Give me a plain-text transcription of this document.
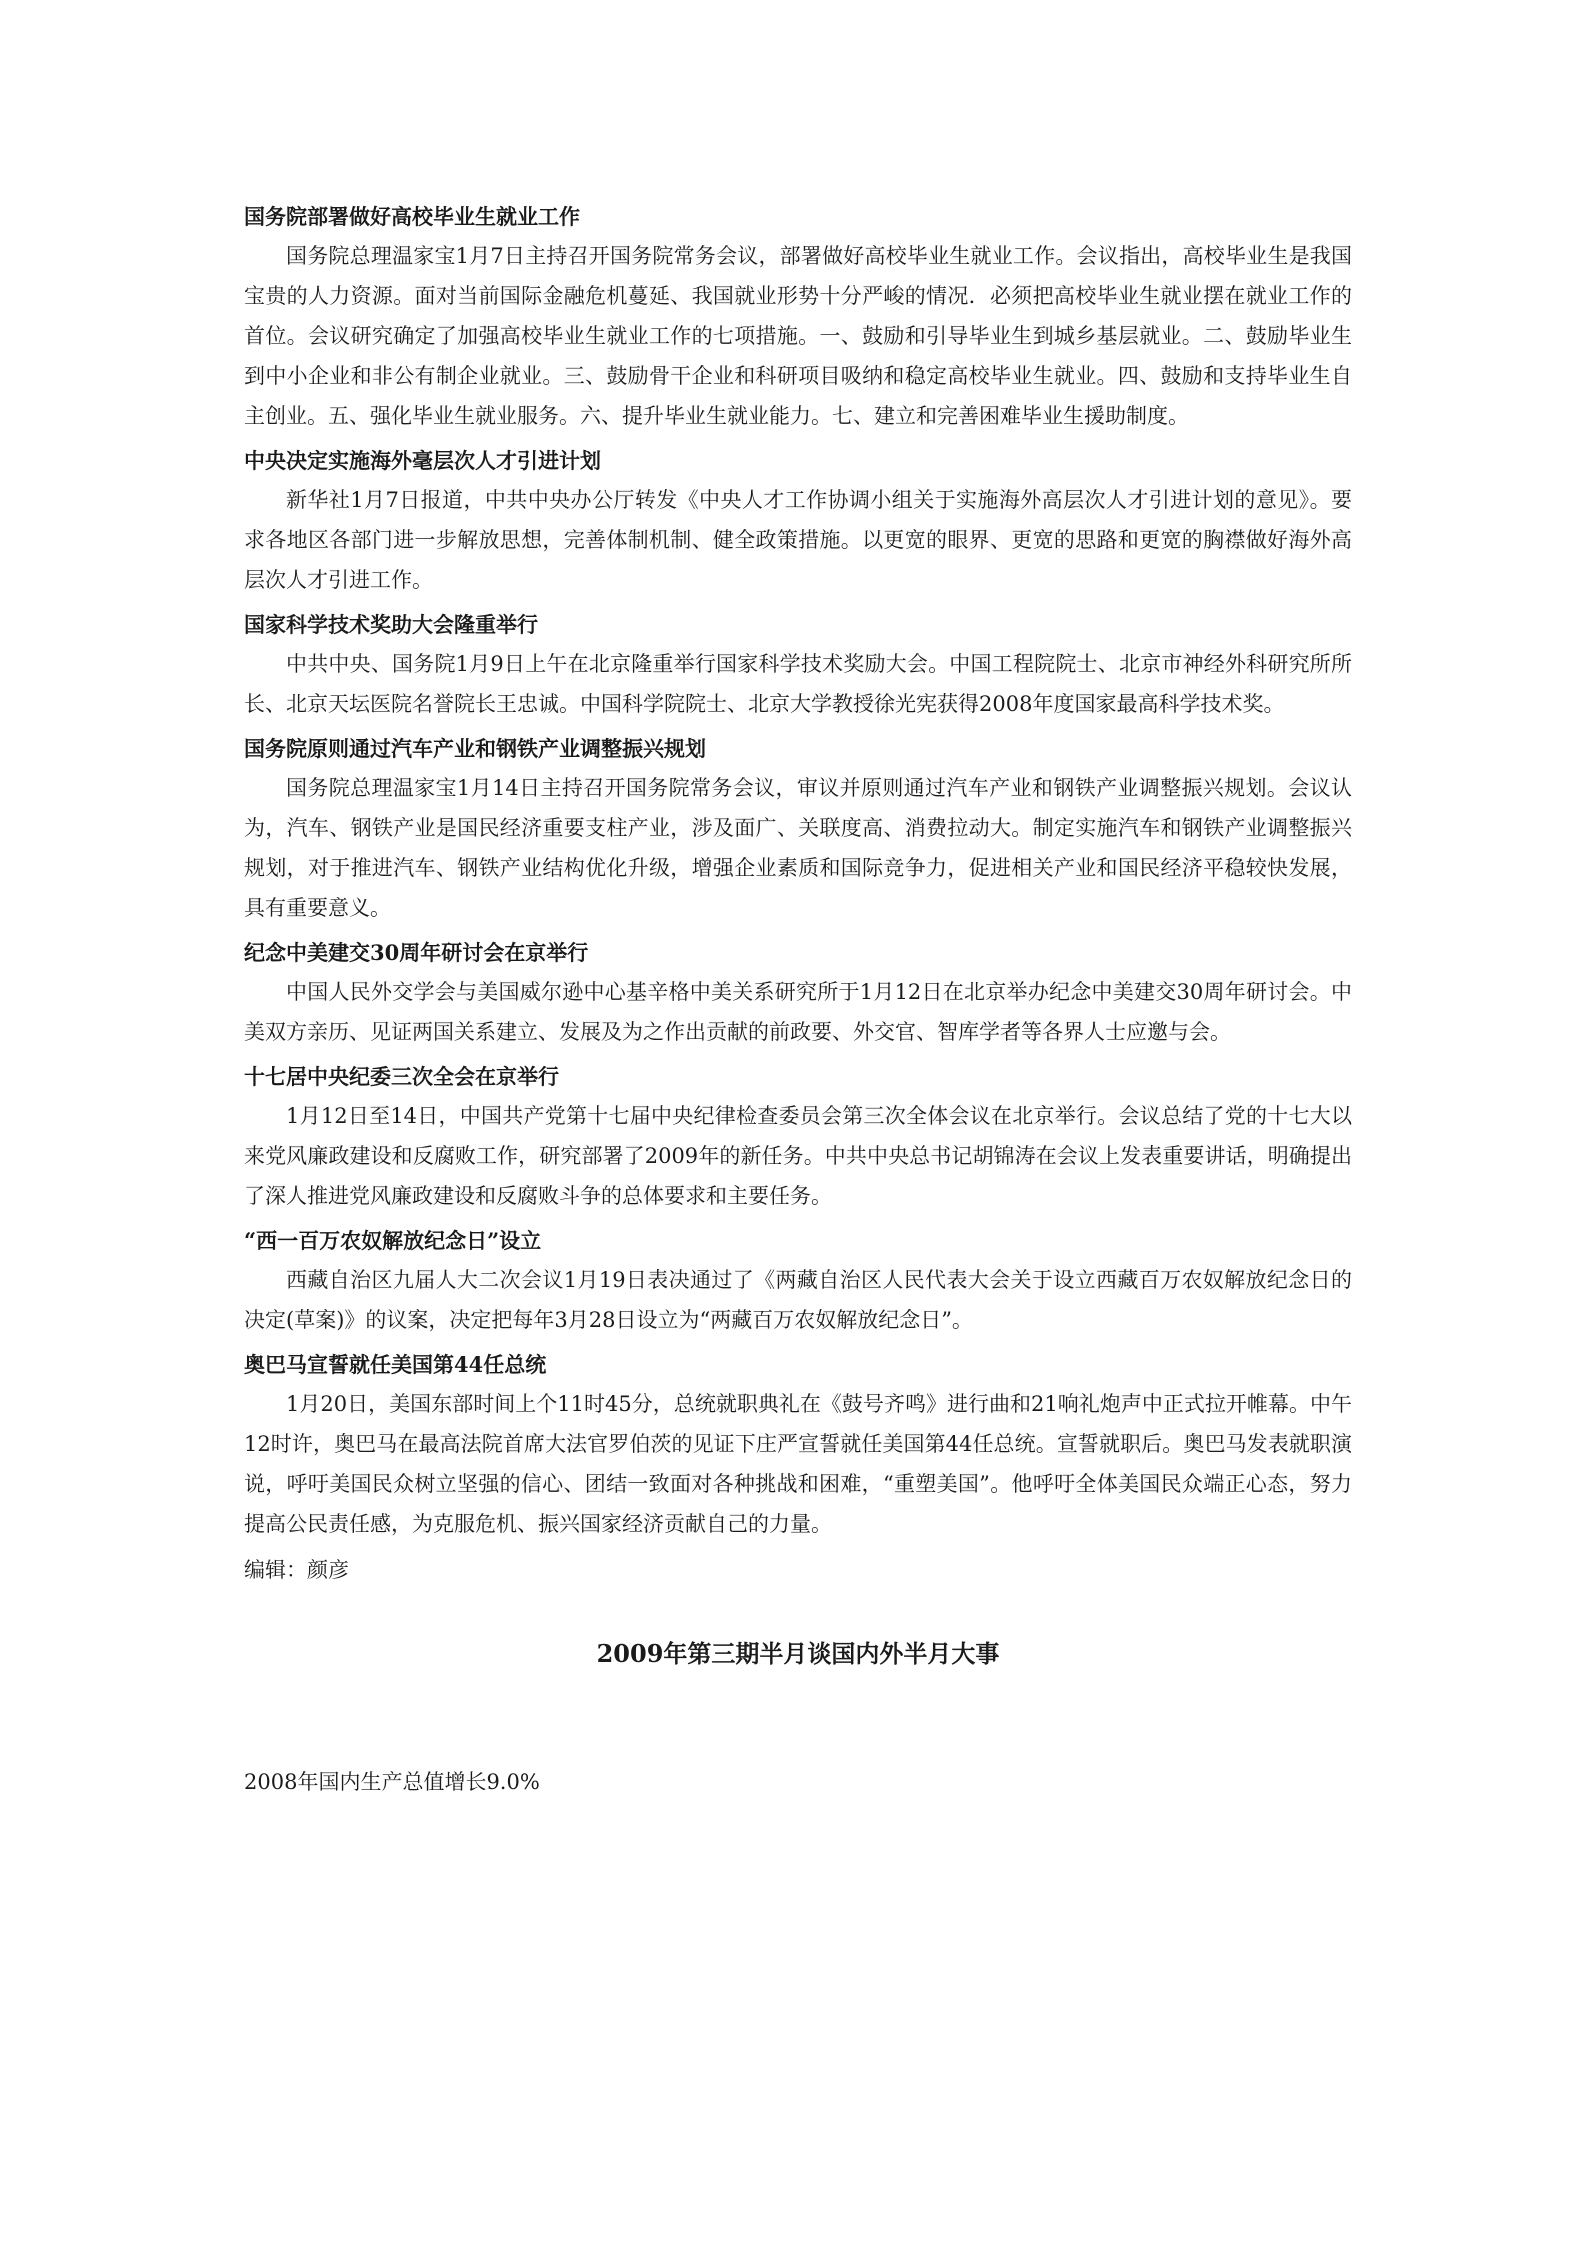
国务院部署做好高校毕业生就业工作

国务院总理温家宝1月7日主持召开国务院常务会议，部署做好高校毕业生就业工作。会议指出，高校毕业生是我国宝贵的人力资源。面对当前国际金融危机蔓延、我国就业形势十分严峻的情况．必须把高校毕业生就业摆在就业工作的首位。会议研究确定了加强高校毕业生就业工作的七项措施。一、鼓励和引导毕业生到城乡基层就业。二、鼓励毕业生到中小企业和非公有制企业就业。三、鼓励骨干企业和科研项目吸纳和稳定高校毕业生就业。四、鼓励和支持毕业生自主创业。五、强化毕业生就业服务。六、提升毕业生就业能力。七、建立和完善困难毕业生援助制度。

中央决定实施海外毫层次人才引进计划

新华社1月7日报道，中共中央办公厅转发《中央人才工作协调小组关于实施海外高层次人才引进计划的意见》。要求各地区各部门进一步解放思想，完善体制机制、健全政策措施。以更宽的眼界、更宽的思路和更宽的胸襟做好海外高层次人才引进工作。

国家科学技术奖助大会隆重举行

中共中央、国务院1月9日上午在北京隆重举行国家科学技术奖励大会。中国工程院院士、北京市神经外科研究所所长、北京天坛医院名誉院长王忠诚。中国科学院院士、北京大学教授徐光宪获得2008年度国家最高科学技术奖。

国务院原则通过汽车产业和钢铁产业调整振兴规划

国务院总理温家宝1月14日主持召开国务院常务会议，审议并原则通过汽车产业和钢铁产业调整振兴规划。会议认为，汽车、钢铁产业是国民经济重要支柱产业，涉及面广、关联度高、消费拉动大。制定实施汽车和钢铁产业调整振兴规划，对于推进汽车、钢铁产业结构优化升级，增强企业素质和国际竞争力，促进相关产业和国民经济平稳较快发展，具有重要意义。

纪念中美建交30周年研讨会在京举行

中国人民外交学会与美国威尔逊中心基辛格中美关系研究所于1月12日在北京举办纪念中美建交30周年研讨会。中美双方亲历、见证两国关系建立、发展及为之作出贡献的前政要、外交官、智库学者等各界人士应邀与会。

十七居中央纪委三次全会在京举行

1月12日至14日，中国共产党第十七届中央纪律检查委员会第三次全体会议在北京举行。会议总结了党的十七大以来党风廉政建设和反腐败工作，研究部署了2009年的新任务。中共中央总书记胡锦涛在会议上发表重要讲话，明确提出了深人推进党风廉政建设和反腐败斗争的总体要求和主要任务。

“西一百万农奴解放纪念日”设立

西藏自治区九届人大二次会议1月19日表决通过了《两藏自治区人民代表大会关于设立西藏百万农奴解放纪念日的决定(草案)》的议案，决定把每年3月28日设立为“两藏百万农奴解放纪念日”。

奥巴马宣誓就任美国第44任总统

1月20日，美国东部时间上个11时45分，总统就职典礼在《鼓号齐鸣》进行曲和21响礼炮声中正式拉开帷幕。中午12时许，奥巴马在最高法院首席大法官罗伯茨的见证下庄严宣誓就任美国第44任总统。宣誓就职后。奥巴马发表就职演说，呼吁美国民众树立坚强的信心、团结一致面对各种挑战和困难，“重塑美国”。他呼吁全体美国民众端正心态，努力提高公民责任感，为克服危机、振兴国家经济贡献自己的力量。

编辑：颜彦

2009年第三期半月谈国内外半月大事

2008年国内生产总值增长9.0%
